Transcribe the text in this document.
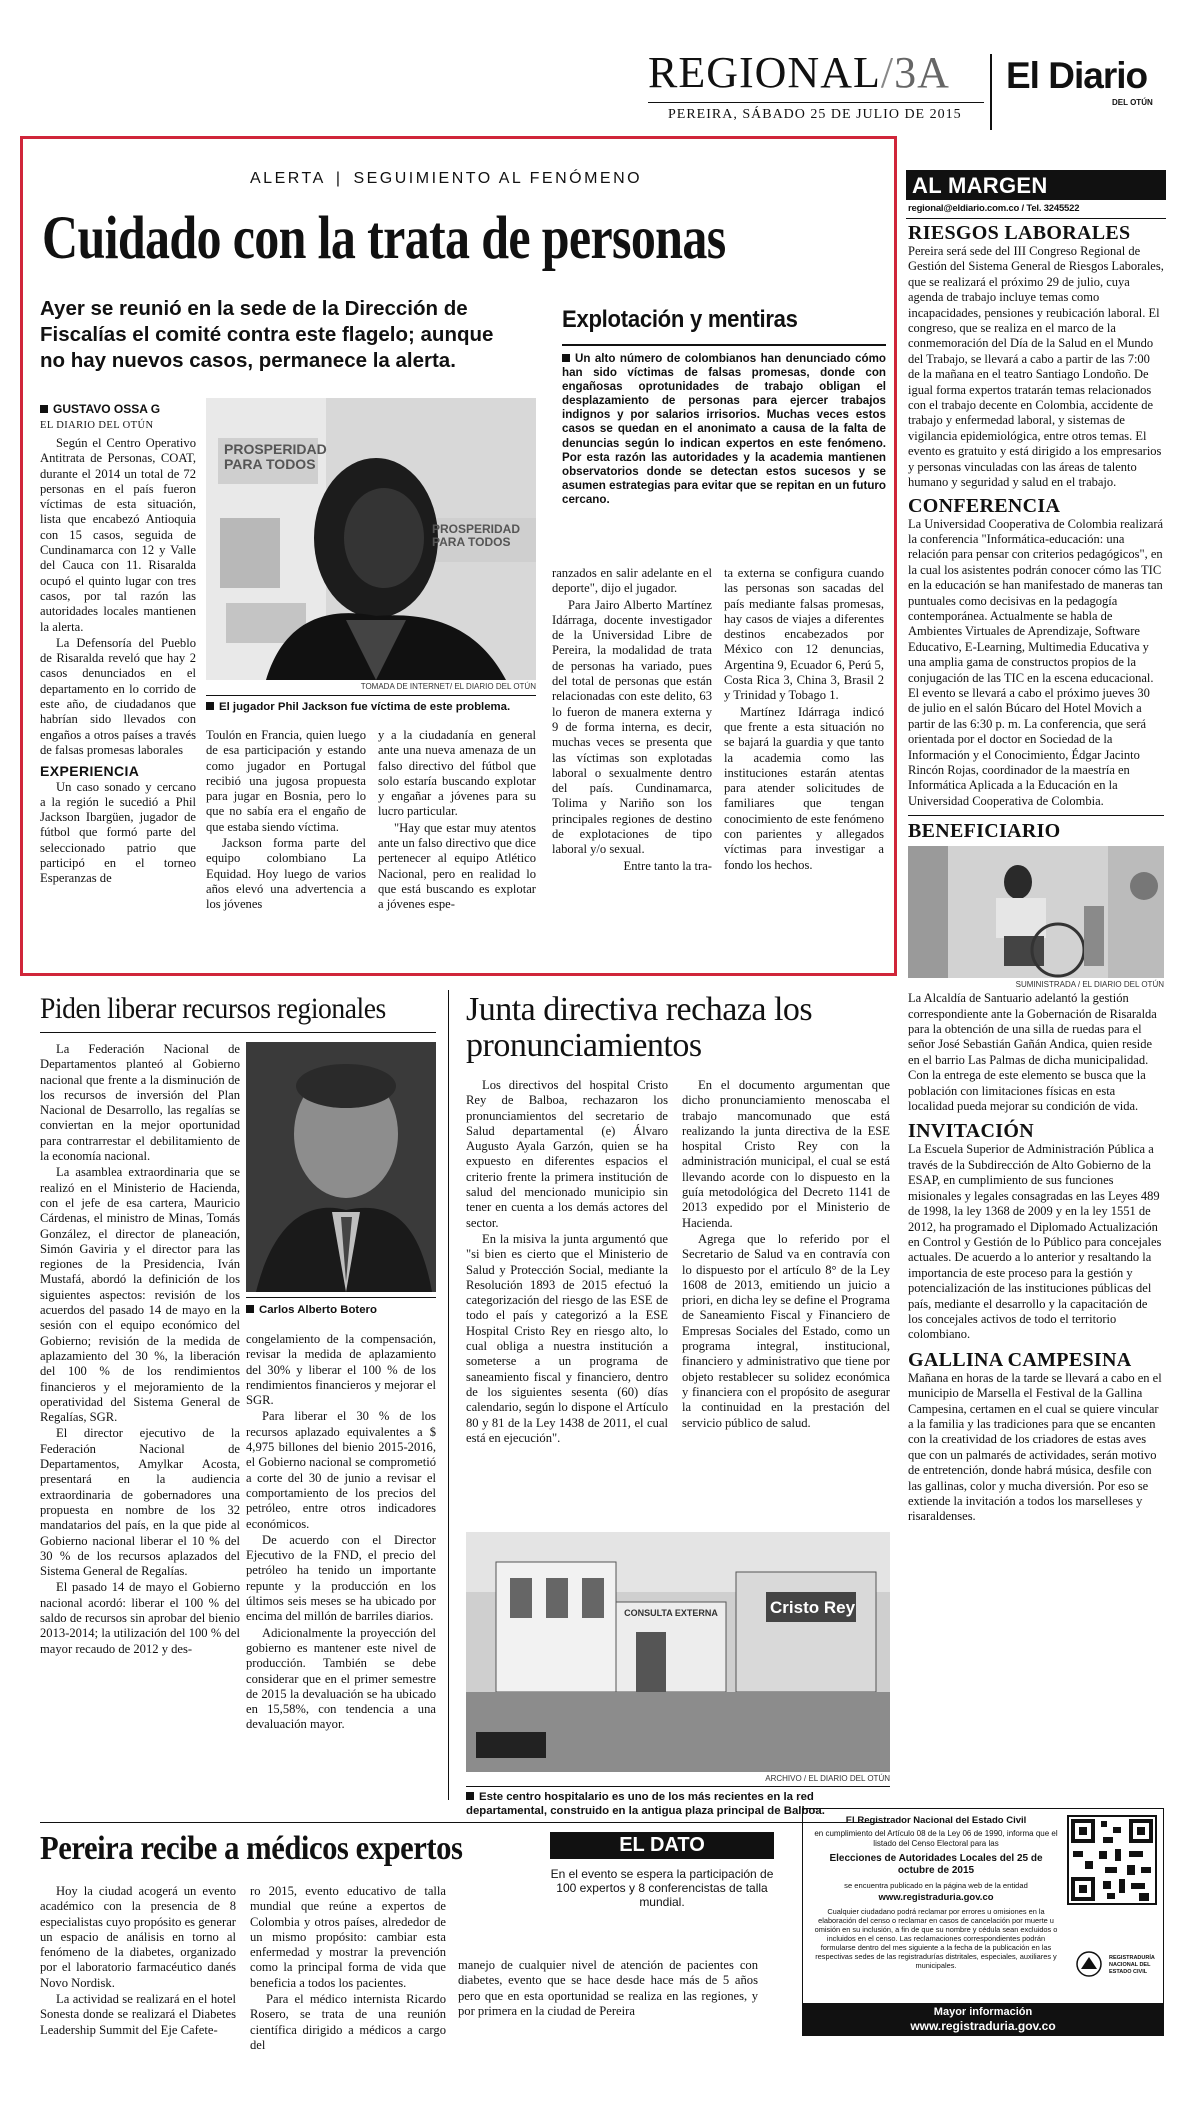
REGIONAL/3A El Diario
DEL OTÚN
PEREIRA, SÁBADO 25 DE JULIO DE 2015
ALERTA | SEGUIMIENTO AL FENÓMENO
Cuidado con la trata de personas
Ayer se reunió en la sede de la Dirección de Fiscalías el comité contra este flagelo; aunque no hay nuevos casos, permanece la alerta.
Explotación y mentiras
Un alto número de colombianos han denunciado cómo han sido víctimas de falsas promesas, donde con engañosas oprotunidades de trabajo obligan el desplazamiento de personas para ejercer trabajos indignos y por salarios irrisorios. Muchas veces estos casos se quedan en el anonimato a causa de la falta de denuncias según lo indican expertos en este fenómeno. Por esta razón las autoridades y la academia mantienen observatorios donde se detectan estos sucesos y se asumen estrategias para evitar que se repitan en un futuro cercano.
GUSTAVO OSSA G
EL DIARIO DEL OTÚN

Según el Centro Operativo Antitrata de Personas, COAT, durante el 2014 un total de 72 personas en el país fueron víctimas de esta situación, lista que encabezó Antioquia con 15 casos, seguida de Cundinamarca con 12 y Valle del Cauca con 11. Risaralda ocupó el quinto lugar con tres casos, por tal razón las autoridades locales mantienen la alerta.

La Defensoría del Pueblo de Risaralda reveló que hay 2 casos denunciados en el departamento en lo corrido de este año, de ciudadanos que habrían sido llevados con engaños a otros países a través de falsas promesas laborales

EXPERIENCIA

Un caso sonado y cercano a la región le sucedió a Phil Jackson Ibargüen, jugador de fútbol que formó parte del seleccionado patrio que participó en el torneo Esperanzas de

PROSPERIDAD PARA TODOS
PROSPERIDAD PARA TODOS
TOMADA DE INTERNET/ EL DIARIO DEL OTÚN
El jugador Phil Jackson fue víctima de este problema.

Toulón en Francia, quien luego de esa participación y estando como jugador en Portugal recibió una jugosa propuesta para jugar en Bosnia, pero lo que no sabía era el engaño de que estaba siendo víctima.

Jackson forma parte del equipo colombiano La Equidad. Hoy luego de varios años elevó una advertencia a los jóvenes

y a la ciudadanía en general ante una nueva amenaza de un falso directivo del fútbol que solo estaría buscando explotar y engañar a jóvenes para su lucro particular.

"Hay que estar muy atentos ante un falso directivo que dice pertenecer al equipo Atlético Nacional, pero en realidad lo que está buscando es explotar a jóvenes espe-

ranzados en salir adelante en el deporte", dijo el jugador.

Para Jairo Alberto Martínez Idárraga, docente investigador de la Universidad Libre de Pereira, la modalidad de trata de personas ha variado, pues del total de personas que están relacionadas con este delito, 63 lo fueron de manera externa y 9 de forma interna, es decir, muchas veces se presenta que las víctimas son explotadas laboral o sexualmente dentro del país. Cundinamarca, Tolima y Nariño son los principales regiones de destino de explotaciones de tipo laboral y/o sexual.

Entre tanto la tra-

ta externa se configura cuando las personas son sacadas del país mediante falsas promesas, hay casos de viajes a diferentes destinos encabezados por México con 12 denuncias, Argentina 9, Ecuador 6, Perú 5, Costa Rica 3, China 3, Brasil 2 y Trinidad y Tobago 1.

Martínez Idárraga indicó que frente a esta situación no se bajará la guardia y que tanto la academia como las instituciones estarán atentas para atender solicitudes de familiares que tengan conocimiento de este fenómeno con parientes y allegados víctimas para investigar a fondo los hechos.

AL MARGEN
regional@eldiario.com.co / Tel. 3245522
RIESGOS LABORALES
Pereira será sede del III Congreso Regional de Gestión del Sistema General de Riesgos Laborales, que se realizará el próximo 29 de julio, cuya agenda de trabajo incluye temas como incapacidades, pensiones y reubicación laboral. El congreso, que se realiza en el marco de la conmemoración del Día de la Salud en el Mundo del Trabajo, se llevará a cabo a partir de las 7:00 de la mañana en el teatro Santiago Londoño. De igual forma expertos tratarán temas relacionados con el trabajo decente en Colombia, accidente de trabajo y enfermedad laboral, y sistemas de vigilancia epidemiológica, entre otros temas. El evento es gratuito y está dirigido a los empresarios y personas vinculadas con las áreas de talento humano y seguridad y salud en el trabajo.
CONFERENCIA
La Universidad Cooperativa de Colombia realizará la conferencia "Informática-educación: una relación para pensar con criterios pedagógicos", en la cual los asistentes podrán conocer cómo las TIC en la educación se han manifestado de maneras tan puntuales como decisivas en la pedagogía contemporánea. Actualmente se habla de Ambientes Virtuales de Aprendizaje, Software Educativo, E-Learning, Multimedia Educativa y una amplia gama de constructos propios de la conjugación de las TIC en la escena educacional. El evento se llevará a cabo el próximo jueves 30 de julio en el salón Búcaro del Hotel Movich a partir de las 6:30 p. m. La conferencia, que será orientada por el doctor en Sociedad de la Información y el Conocimiento, Édgar Jacinto Rincón Rojas, coordinador de la maestría en Informática Aplicada a la Educación en la Universidad Cooperativa de Colombia.
BENEFICIARIO
SUMINISTRADA / EL DIARIO DEL OTÚN
La Alcaldía de Santuario adelantó la gestión correspondiente ante la Gobernación de Risaralda para la obtención de una silla de ruedas para el señor José Sebastián Gañán Andica, quien reside en el barrio Las Palmas de dicha municipalidad. Con la entrega de este elemento se busca que la población con limitaciones físicas en esta localidad pueda mejorar su condición de vida.
INVITACIÓN
La Escuela Superior de Administración Pública a través de la Subdirección de Alto Gobierno de la ESAP, en cumplimiento de sus funciones misionales y legales consagradas en las Leyes 489 de 1998, la ley 1368 de 2009 y en la ley 1551 de 2012, ha programado el Diplomado Actualización en Control y Gestión de lo Público para concejales actuales. De acuerdo a lo anterior y resaltando la importancia de este proceso para la gestión y potencialización de las instituciones públicas del país, mediante el desarrollo y la capacitación de los concejales activos de todo el territorio colombiano.
GALLINA CAMPESINA
Mañana en horas de la tarde se llevará a cabo en el municipio de Marsella el Festival de la Gallina Campesina, certamen en el cual se quiere vincular a la familia y las tradiciones para que se encanten con la creatividad de los criadores de estas aves que con un palmarés de actividades, serán motivo de entretención, donde habrá música, desfile con las gallinas, color y mucha diversión. Por eso se extiende la invitación a todos los marselleses y risaraldenses.
Piden liberar recursos regionales

La Federación Nacional de Departamentos planteó al Gobierno nacional que frente a la disminución de los recursos de inversión del Plan Nacional de Desarrollo, las regalías se conviertan en la mejor oportunidad para contrarrestar el debilitamiento de la economía nacional.

La asamblea extraordinaria que se realizó en el Ministerio de Hacienda, con el jefe de esa cartera, Mauricio Cárdenas, el ministro de Minas, Tomás González, el director de planeación, Simón Gaviria y el director para las regiones de la Presidencia, Iván Mustafá, abordó la definición de los siguientes aspectos: revisión de los acuerdos del pasado 14 de mayo en la sesión con el equipo económico del Gobierno; revisión de la medida de aplazamiento del 30 %, la liberación del 100 % de los rendimientos financieros y el mejoramiento de la operatividad del Sistema General de Regalías, SGR.

El director ejecutivo de la Federación Nacional de Departamentos, Amylkar Acosta, presentará en la audiencia extraordinaria de gobernadores una propuesta en nombre de los 32 mandatarios del país, en la que pide al Gobierno nacional liberar el 10 % del 30 % de los recursos aplazados del Sistema General de Regalías.

El pasado 14 de mayo el Gobierno nacional acordó: liberar el 100 % del saldo de recursos sin aprobar del bienio 2013-2014; la utilización del 100 % del mayor recaudo de 2012 y des-

Carlos Alberto Botero

congelamiento de la compensación, revisar la medida de aplazamiento del 30% y liberar el 100 % de los rendimientos financieros y mejorar el SGR.

Para liberar el 30 % de los recursos aplazado equivalentes a $ 4,975 billones del bienio 2015-2016, el Gobierno nacional se comprometió a corte del 30 de junio a revisar el comportamiento de los precios del petróleo, entre otros indicadores económicos.

De acuerdo con el Director Ejecutivo de la FND, el precio del petróleo ha tenido un importante repunte y la producción en los últimos seis meses se ha ubicado por encima del millón de barriles diarios.

Adicionalmente la proyección del gobierno es mantener este nivel de producción. También se debe considerar que en el primer semestre de 2015 la devaluación se ha ubicado en 15,58%, con tendencia a una devaluación mayor.

Junta directiva rechaza los pronunciamientos

Los directivos del hospital Cristo Rey de Balboa, rechazaron los pronunciamientos del secretario de Salud departamental (e) Álvaro Augusto Ayala Garzón, quien se ha expuesto en diferentes espacios el criterio frente la primera institución de salud del mencionado municipio sin tener en cuenta a los demás actores del sector.

En la misiva la junta argumentó que "si bien es cierto que el Ministerio de Salud y Protección Social, mediante la Resolución 1893 de 2015 efectuó la categorización del riesgo de las ESE de todo el país y categorizó a la ESE Hospital Cristo Rey en riesgo alto, lo cual obliga a nuestra institución a someterse a un programa de saneamiento fiscal y financiero, dentro de los siguientes sesenta (60) días calendario, según lo dispone el Artículo 80 y 81 de la Ley 1438 de 2011, el cual está en ejecución".

En el documento argumentan que dicho pronunciamiento menoscaba el trabajo mancomunado que está realizando la junta directiva de la ESE hospital Cristo Rey con la administración municipal, el cual se está llevando acorde con lo dispuesto en la guía metodológica del Decreto 1141 de 2013 expedido por el Ministerio de Hacienda.

Agrega que lo referido por el Secretario de Salud va en contravía con lo dispuesto por el artículo 8° de la Ley 1608 de 2013, emitiendo un juicio a priori, en dicha ley se define el Programa de Saneamiento Fiscal y Financiero de Empresas Sociales del Estado, como un programa integral, institucional, financiero y administrativo que tiene por objeto restablecer su solidez económica y financiera con el propósito de asegurar la continuidad en la prestación del servicio público de salud.

Cristo Rey
CONSULTA EXTERNA
ARCHIVO / EL DIARIO DEL OTÚN
Este centro hospitalario es uno de los más recientes en la red departamental, construido en la antigua plaza principal de Balboa.
Pereira recibe a médicos expertos

Hoy la ciudad acogerá un evento académico con la presencia de 8 especialistas cuyo propósito es generar un espacio de análisis en torno al fenómeno de la diabetes, organizado por el laboratorio farmacéutico danés Novo Nordisk.

La actividad se realizará en el hotel Sonesta donde se realizará el Diabetes Leadership Summit del Eje Cafete-

ro 2015, evento educativo de talla mundial que reúne a expertos de Colombia y otros países, alrededor de un mismo propósito: cambiar esta enfermedad y mostrar la prevención como la principal forma de vida que beneficia a todos los pacientes.

Para el médico internista Ricardo Rosero, se trata de una reunión científica dirigido a médicos a cargo del

EL DATO
En el evento se espera la participación de 100 expertos y 8 conferencistas de talla mundial.
manejo de cualquier nivel de atención de pacientes con diabetes, evento que se hace desde hace más de 5 años pero que en esta oportunidad se realiza en las regiones, y por primera en la ciudad de Pereira
El Registrador Nacional del Estado Civil
en cumplimiento del Artículo 08 de la Ley 06 de 1990, informa que el listado del Censo Electoral para las
Elecciones de Autoridades Locales del 25 de octubre de 2015
se encuentra publicado en la página web de la entidad
www.registraduria.gov.co
Cualquier ciudadano podrá reclamar por errores u omisiones en la elaboración del censo o reclamar en casos de cancelación por muerte u omisión en su inclusión, a fin de que su nombre y cédula sean excluidos o incluidos en el censo. Las reclamaciones correspondientes podrán formularse dentro del mes siguiente a la fecha de la publicación en las respectivas sedes de las registradurías distritales, especiales, auxiliares y municipales.
REGISTRADURÍA NACIONAL DEL ESTADO CIVIL
Mayor información
www.registraduria.gov.co
